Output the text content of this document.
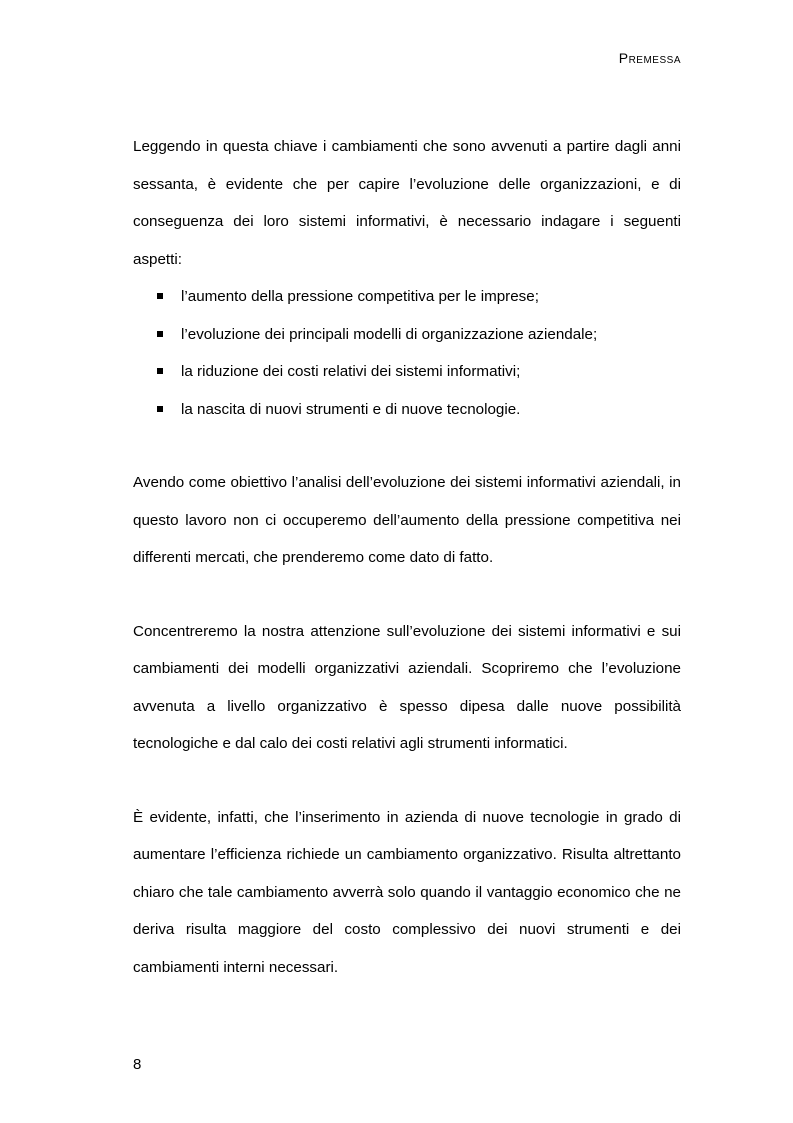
Premessa

Leggendo in questa chiave i cambiamenti che sono avvenuti a partire dagli anni sessanta, è evidente che per capire l’evoluzione delle organizzazioni, e di conseguenza dei loro sistemi informativi, è necessario indagare i seguenti aspetti:

l’aumento della pressione competitiva per le imprese;
l’evoluzione dei principali modelli di organizzazione aziendale;
la riduzione dei costi relativi dei sistemi informativi;
la nascita di nuovi strumenti e di nuove tecnologie.

Avendo come obiettivo l’analisi dell’evoluzione dei sistemi informativi aziendali, in questo lavoro non ci occuperemo dell’aumento della pressione competitiva nei differenti mercati, che prenderemo come dato di fatto.

Concentreremo la nostra attenzione sull’evoluzione dei sistemi informativi e sui cambiamenti dei modelli organizzativi aziendali. Scopriremo che l’evoluzione avvenuta a livello organizzativo è spesso dipesa dalle nuove possibilità tecnologiche e dal calo dei costi relativi agli strumenti informatici.

È evidente, infatti, che l’inserimento in azienda di nuove tecnologie in grado di aumentare l’efficienza richiede un cambiamento organizzativo. Risulta altrettanto chiaro che tale cambiamento avverrà solo quando il vantaggio economico che ne deriva risulta maggiore del costo complessivo dei nuovi strumenti e dei cambiamenti interni necessari.

8
